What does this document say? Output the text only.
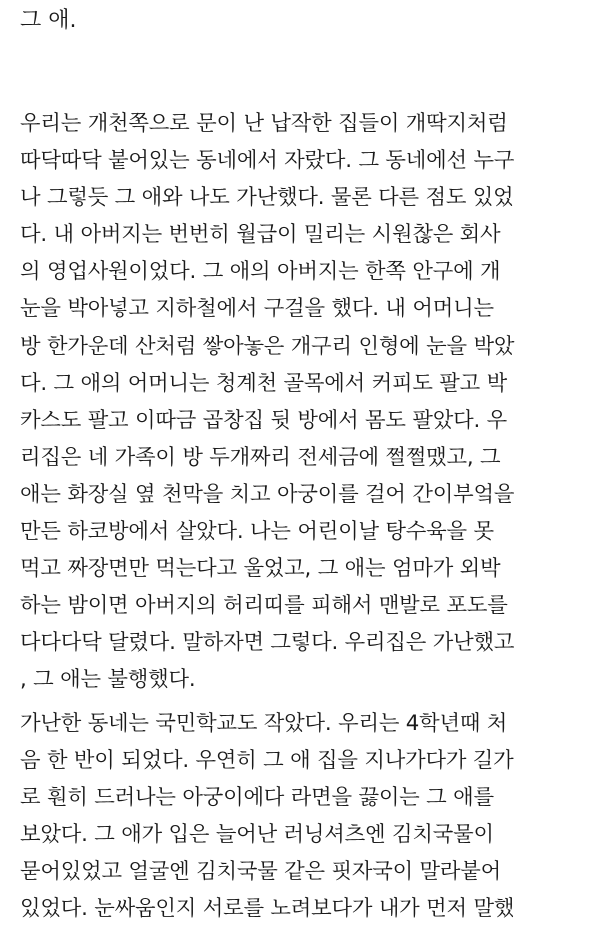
그 애.
우리는 개천쪽으로 문이 난 납작한 집들이 개딱지처럼
따닥따닥 붙어있는 동네에서 자랐다. 그 동네에선 누구
나 그렇듯 그 애와 나도 가난했다. 물론 다른 점도 있었
다. 내 아버지는 번번히 월급이 밀리는 시원찮은 회사
의 영업사원이었다. 그 애의 아버지는 한쪽 안구에 개
눈을 박아넣고 지하철에서 구걸을 했다. 내 어머니는
방 한가운데 산처럼 쌓아놓은 개구리 인형에 눈을 박았
다. 그 애의 어머니는 청계천 골목에서 커피도 팔고 박
카스도 팔고 이따금 곱창집 뒷 방에서 몸도 팔았다. 우
리집은 네 가족이 방 두개짜리 전세금에 쩔쩔맸고, 그
애는 화장실 옆 천막을 치고 아궁이를 걸어 간이부엌을
만든 하코방에서 살았다. 나는 어린이날 탕수육을 못
먹고 짜장면만 먹는다고 울었고, 그 애는 엄마가 외박
하는 밤이면 아버지의 허리띠를 피해서 맨발로 포도를
다다다닥 달렸다. 말하자면 그렇다. 우리집은 가난했고
, 그 애는 불행했다.
가난한 동네는 국민학교도 작았다. 우리는 4학년때 처
음 한 반이 되었다. 우연히 그 애 집을 지나가다가 길가
로 훤히 드러나는 아궁이에다 라면을 끓이는 그 애를
보았다. 그 애가 입은 늘어난 러닝셔츠엔 김치국물이
묻어있었고 얼굴엔 김치국물 같은 핏자국이 말라붙어
있었다. 눈싸움인지 서로를 노려보다가 내가 먼저 말했
